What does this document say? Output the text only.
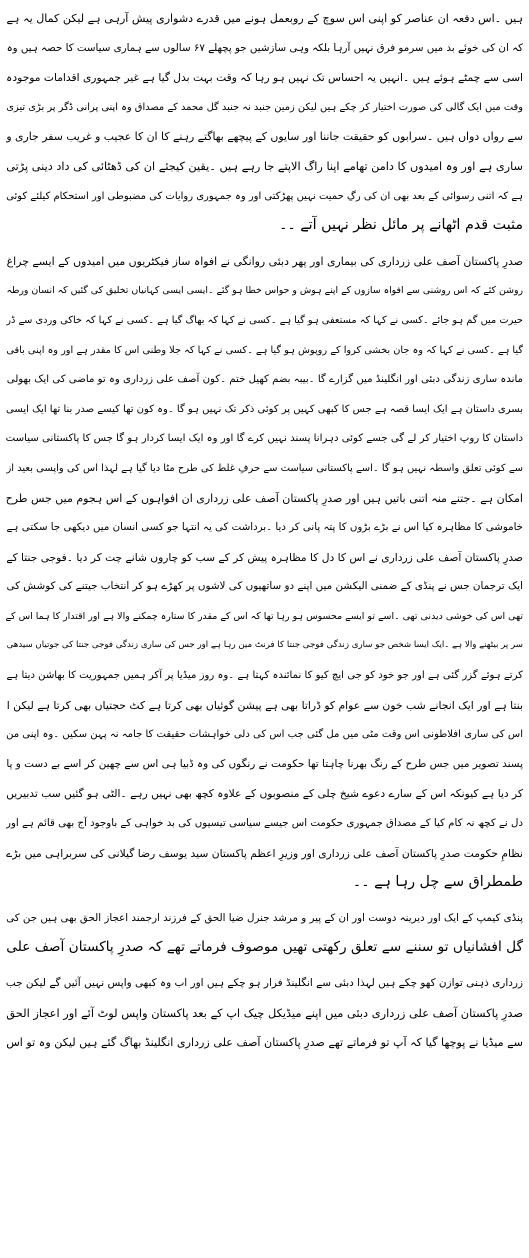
ہیں ۔اس دفعہ ان عناصر کو اپنی اس سوچ کے روبعمل ہونے میں قدرے دشواری پیش آرہی ہے لیکن کمال یہ ہے
کہ ان کی خوئے بد میں سرمو فرق نہیں آرہا بلکہ وہی سازشیں جو پچھلے ۶۷ سالوں سے ہماری سیاست کا حصہ ہیں وہ
اسی سے چمٹے ہوئے ہیں ۔انہیں یہ احساس تک نہیں ہو رہا کہ وقت بہت بدل گیا ہے غیر جمہوری اقدامات موجودہ
وقت میں ایک گالی کی صورت اختیار کر چکے ہیں لیکن زمین جنبد نہ جنبد گل محمد کے مصداق وہ اپنی پرانی ڈگر پر بڑی تیزی
سے رواں دواں ہیں ۔سرابوں کو حقیقت جاننا اور سایوں کے پیچھے بھاگتے رہنے کا ان کا عجیب و غریب سفر جاری و
ساری ہے اور وہ امیدوں کا دامن تھامے اپنا راگ الاپتے جا رہے ہیں ۔یقین کیجئے ان کی ڈھٹائی کی داد دینی پڑتی
ہے کہ اتنی رسوائی کے بعد بھی ان کی رگِ حمیت نہیں پھڑکتی اور وہ جمہوری روایات کی مضبوطی اور استحکام کیلئے کوئی
مثبت قدم اٹھانے پر مائل نظر نہیں آتے ۔۔
صدرِ پاکستان آصف علی زرداری کی بیماری اور پھر دبئی روانگی نے افواہ ساز فیکٹریوں میں امیدوں کے ایسے چراغ
روشن کئے کہ اس روشنی سے افواہ سازوں کے اپنے ہوش و حواس خطا ہو گئے ۔ایسی ایسی کہانیاں تخلیق کی گئیں کہ انسان ورطہ
حیرت میں گم ہو جائے ۔کسی نے کہا کہ مستعفی ہو گیا ہے ۔کسی نے کہا کہ بھاگ گیا ہے ۔کسی نے کہا کہ خاکی وردی سے ڈر
گیا ہے ۔کسی نے کہا کہ وہ جان بخشی کروا کے روپوش ہو گیا ہے ۔کسی نے کہا کہ جلا وطنی اس کا مقدر ہے اور وہ اپنی باقی
ماندہ ساری زندگی دبئی اور انگلینڈ میں گزارے گا ۔بیبہ بضم کھیل ختم ۔کون آصف علی زرداری وہ تو ماضی کی ایک بھولی
بسری داستان ہے ایک ایسا قصہ ہے جس کا کبھی کہیں پر کوئی ذکر تک نہیں ہو گا ۔وہ کون تھا کیسے صدر بنا تھا ایک ایسی
داستان کا روپ اختیار کر لے گی جسے کوئی دہرانا پسند نہیں کرے گا اور وہ ایک ایسا کردار ہو گا جس کا پاکستانی سیاست
سے کوئی تعلق واسطہ نہیں ہو گا ۔اسے پاکستانی سیاست سے حرفِ غلط کی طرح مٹا دیا گیا ہے لہذا اس کی واپسی بعید از
امکان ہے ۔جتنے منہ اتنی باتیں ہیں اور صدرِ پاکستان آصف علی زرداری ان افواہوں کے اس ہجوم میں جس طرح
خاموشی کا مظاہرہ کیا اس نے بڑے بڑوں کا پتہ پانی کر دیا ۔برداشت کی یہ انتہا جو کسی انسان میں دیکھی جا سکتی ہے
صدرِ پاکستان آصف علی زرداری نے اس کا دل کا مظاہرہ پیش کر کے سب کو چاروں شانے چت کر دیا ۔فوجی جنتا کے
ایک ترجمان جس نے پنڈی کے ضمنی الیکشن میں اپنے دو ساتھیوں کی لاشوں پر کھڑے ہو کر انتخاب جیتنے کی کوشش کی
تھی اس کی خوشی دیدنی تھی ۔اسے تو ایسے محسوس ہو رہا تھا کہ اس کے مقدر کا ستارہ چمکنے والا ہے اور اقتدار کا ہما اس کے
سر پر بیٹھنے والا ہے ۔ایک ایسا شخص جو ساری زندگی فوجی جنتا کا فرنٹ مین رہا ہے اور جس کی ساری زندگی فوجی جنتا کی جوتیاں سیدھی
کرتے ہوئے گزر گئی ہے اور جو خود کو جی ایچ کیو کا نمائندہ کہتا ہے ۔وہ روز میڈیا پر آکر ہمیں جمہوریت کا بھاشن دیتا ہے
بنتا ہے اور ایک انجانے شب خون سے عوام کو ڈراتا بھی ہے پیشن گوئیاں بھی کرتا ہے کٹ حجتیاں بھی کرتا ہے لیکن ا
اس کی ساری افلاطونی اس وقت مٹی میں مل گئی جب اس کی دلی خواہشات حقیقت کا جامہ نہ پہن سکیں ۔وہ اپنی من
پسند تصویر میں جس طرح کے رنگ بھرنا چاہتا تھا حکومت نے رنگوں کی وہ ڈبیا ہی اس سے چھین کر اسے بے دست و پا
کر دیا ہے کیونکہ اس کے سارے دعوے شیخ چلی کے منصوبوں کے علاوہ کچھ بھی نہیں رہے ۔الٹی ہو گئیں سب تدبیریں
دل نے کچھ نہ کام کیا کے مصداق جمہوری حکومت اس جیسے سیاسی تیسیوں کی بد خواہی کے باوجود آج بھی قائم ہے اور
نظامِ حکومت صدرِ پاکستان آصف علی زرداری اور وزیرِ اعظم پاکستان سید یوسف رضا گیلانی کی سربراہی میں بڑے
طمطراق سے چل رہا ہے ۔۔
پنڈی کیمپ کے ایک اور دیرینہ دوست اور ان کے پیر و مرشد جنرل ضیا الحق کے فرزند ارجمند اعجاز الحق بھی ہیں جن کی
گل افشانیاں تو سننے سے تعلق رکھتی تھیں موصوف فرماتے تھے کہ صدرِ پاکستان آصف علی
زرداری ذہنی توازن کھو چکے ہیں لہذا دبئی سے انگلینڈ فرار ہو چکے ہیں اور اب وہ کبھی واپس نہیں آئیں گے لیکن جب
صدرِ پاکستان آصف علی زرداری دبئی میں اپنے میڈیکل چیک اپ کے بعد پاکستان واپس لوٹ آئے اور اعجاز الحق
سے میڈیا نے پوچھا گیا کہ آپ تو فرماتے تھے صدرِ پاکستان آصف علی زرداری انگلینڈ بھاگ گئے ہیں لیکن وہ تو اس
